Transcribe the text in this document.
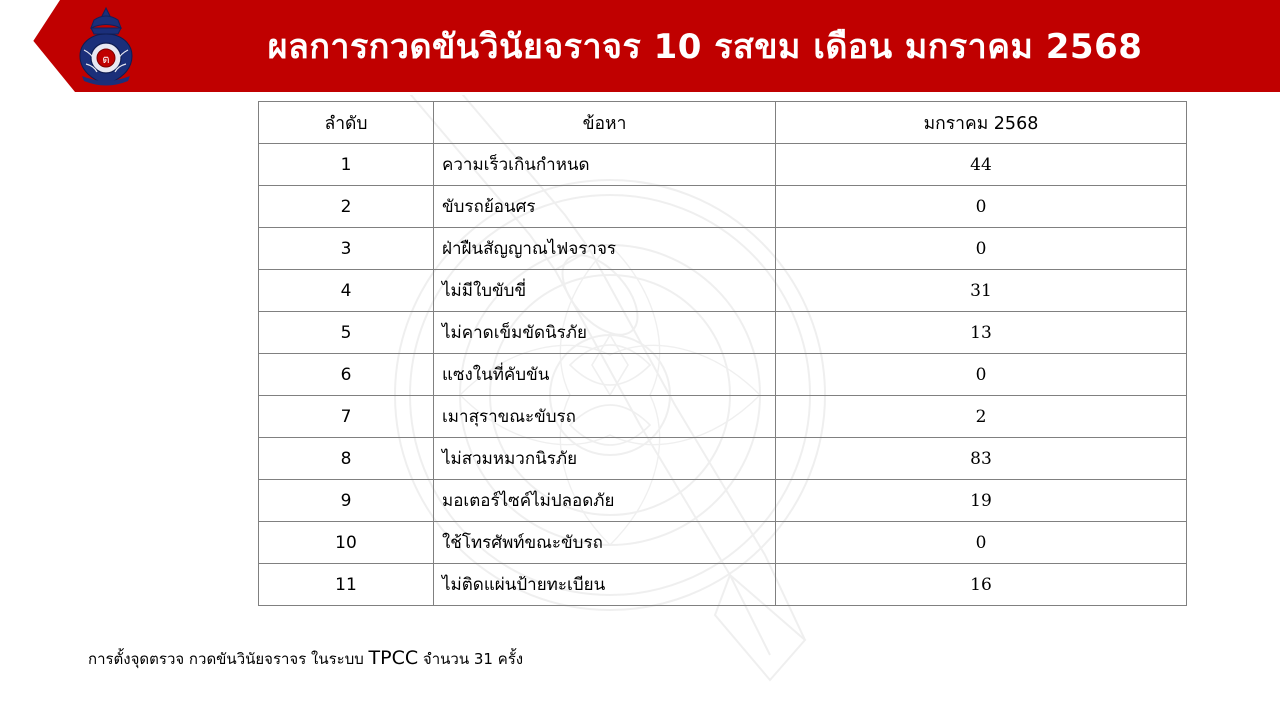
ผลการกวดขันวินัยจราจร 10 รสขม เดือน มกราคม 2568
ต
ลำดับ	ข้อหา	มกราคม 2568
1	ความเร็วเกินกำหนด	44
2	ขับรถย้อนศร	0
3	ฝ่าฝืนสัญญาณไฟจราจร	0
4	ไม่มีใบขับขี่	31
5	ไม่คาดเข็มขัดนิรภัย	13
6	แซงในที่คับขัน	0
7	เมาสุราขณะขับรถ	2
8	ไม่สวมหมวกนิรภัย	83
9	มอเตอร์ไซค์ไม่ปลอดภัย	19
10	ใช้โทรศัพท์ขณะขับรถ	0
11	ไม่ติดแผ่นป้ายทะเบียน	16
การตั้งจุดตรวจ กวดขันวินัยจราจร ในระบบ TPCC จำนวน 31 ครั้ง
